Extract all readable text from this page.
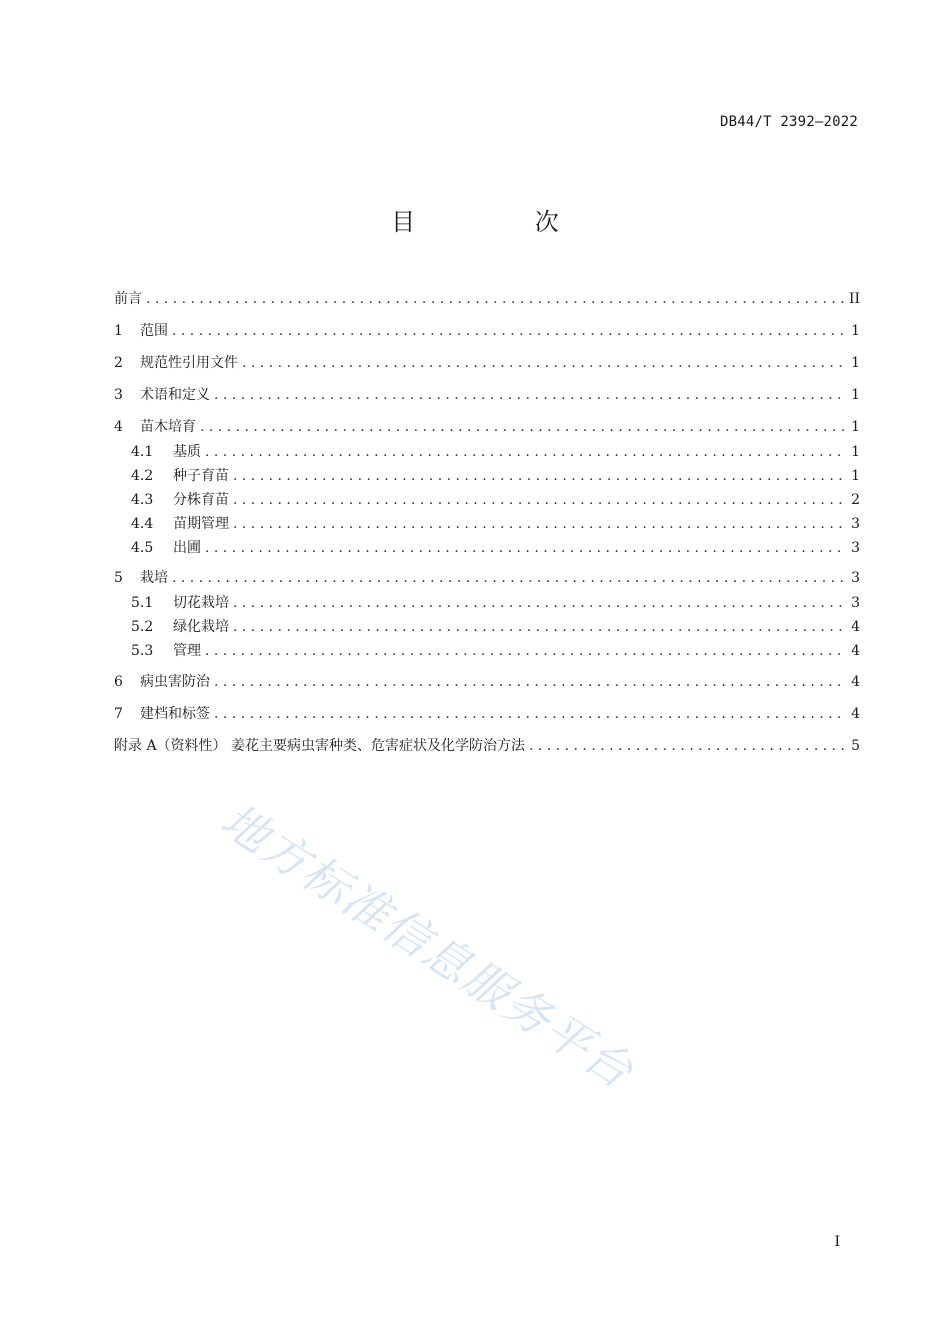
DB44/T 2392—2022
目 次
前言 . . .	II
1	范围 . . .	1
2	规范性引用文件 . . .	1
3	术语和定义 . . .	1
4	苗木培育 . . .	1
4.1	基质 . . .	1
4.2	种子育苗 . . .	1
4.3	分株育苗 . . .	2
4.4	苗期管理 . . .	3
4.5	出圃 . . .	3
5	栽培 . . .	3
5.1	切花栽培 . . .	3
5.2	绿化栽培 . . .	4
5.3	管理 . . .	4
6	病虫害防治 . . .	4
7	建档和标签 . . .	4
附录 A（资料性） 姜花主要病虫害种类、危害症状及化学防治方法 . . .	5
地方标准信息服务平台
I
